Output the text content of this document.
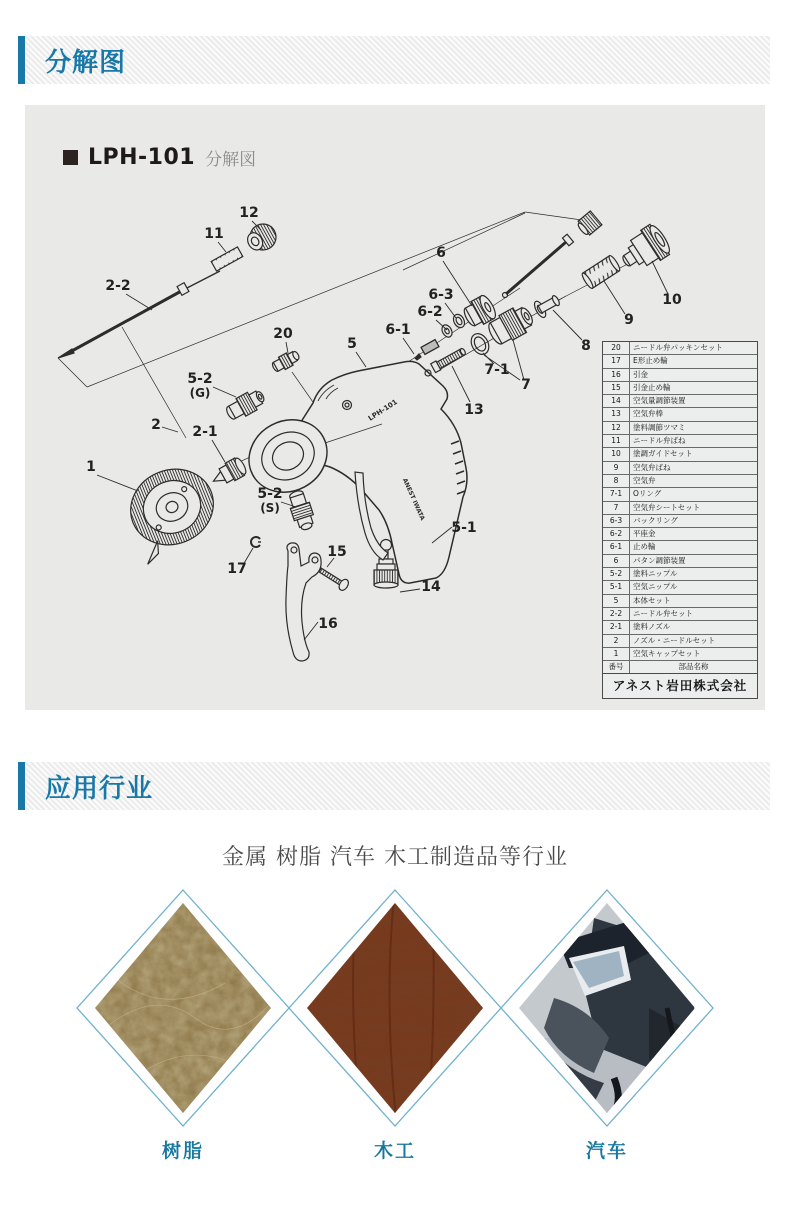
分解图
LPH-101 分解図
LPH-101
ANEST IWATA
12
11
2-2
20
5
5-2
(G)
2 2-1
1
5-2
(S)
17
15
16
14
5-1
13
7-1
7
8
9
10
6
6-3
6-2
6-1
20	ニードル弁パッキンセット
17	E形止め輪
16	引金
15	引金止め輪
14	空気量調節装置
13	空気弁棒
12	塗料調節ツマミ
11	ニードル弁ばね
10	塗調ガイドセット
9	空気弁ばね
8	空気弁
7-1	Oリング
7	空気弁シートセット
6-3	バックリング
6-2	平座金
6-1	止め輪
6	パタン調節装置
5-2	塗料ニップル
5-1	空気ニップル
5	本体セット
2-2	ニードル弁セット
2-1	塗料ノズル
2	ノズル・ニードルセット
1	空気キャップセット
番号	部品名称
アネスト岩田株式会社
应用行业
金属 树脂 汽车 木工制造品等行业
树脂	木工	汽车
